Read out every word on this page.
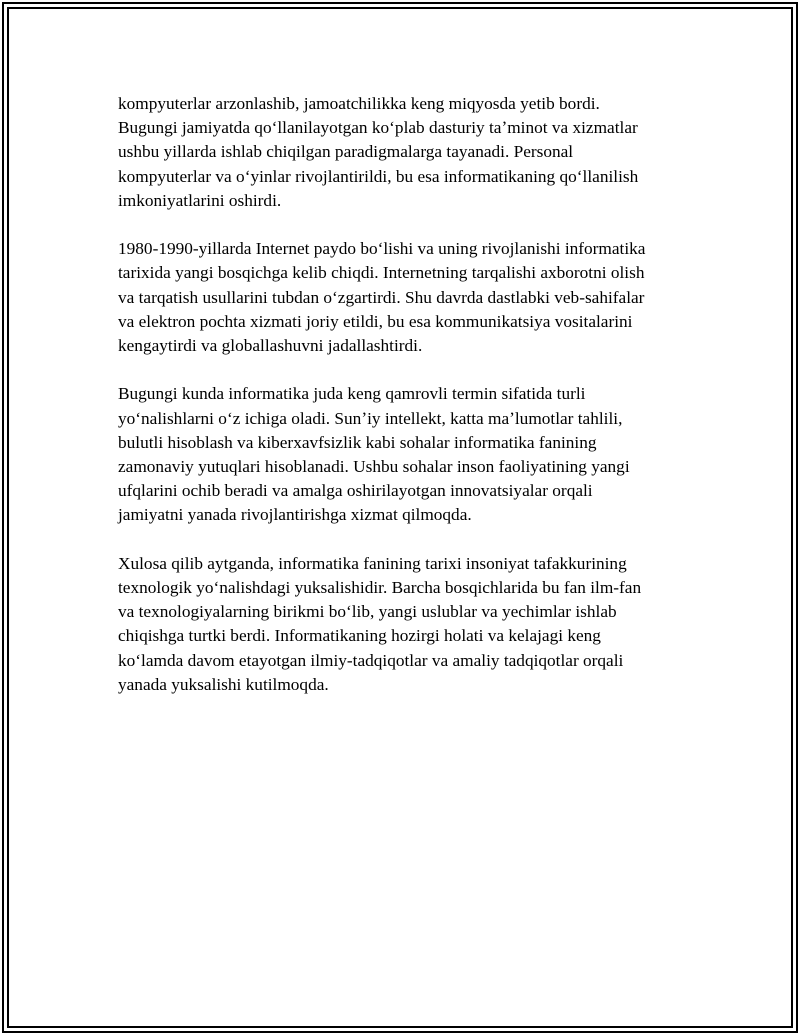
kompyuterlar arzonlashib, jamoatchilikka keng miqyosda yetib bordi.
Bugungi jamiyatda qoʻllanilayotgan koʻplab dasturiy taʼminot va xizmatlar
ushbu yillarda ishlab chiqilgan paradigmalarga tayanadi. Personal
kompyuterlar va oʻyinlar rivojlantirildi, bu esa informatikaning qoʻllanilish
imkoniyatlarini oshirdi.

1980-1990-yillarda Internet paydo boʻlishi va uning rivojlanishi informatika
tarixida yangi bosqichga kelib chiqdi. Internetning tarqalishi axborotni olish
va tarqatish usullarini tubdan oʻzgartirdi. Shu davrda dastlabki veb-sahifalar
va elektron pochta xizmati joriy etildi, bu esa kommunikatsiya vositalarini
kengaytirdi va globallashuvni jadallashtirdi.

Bugungi kunda informatika juda keng qamrovli termin sifatida turli
yoʻnalishlarni oʻz ichiga oladi. Sunʼiy intellekt, katta maʼlumotlar tahlili,
bulutli hisoblash va kiberxavfsizlik kabi sohalar informatika fanining
zamonaviy yutuqlari hisoblanadi. Ushbu sohalar inson faoliyatining yangi
ufqlarini ochib beradi va amalga oshirilayotgan innovatsiyalar orqali
jamiyatni yanada rivojlantirishga xizmat qilmoqda.

Xulosa qilib aytganda, informatika fanining tarixi insoniyat tafakkurining
texnologik yoʻnalishdagi yuksalishidir. Barcha bosqichlarida bu fan ilm-fan
va texnologiyalarning birikmi boʻlib, yangi uslublar va yechimlar ishlab
chiqishga turtki berdi. Informatikaning hozirgi holati va kelajagi keng
koʻlamda davom etayotgan ilmiy-tadqiqotlar va amaliy tadqiqotlar orqali
yanada yuksalishi kutilmoqda.
